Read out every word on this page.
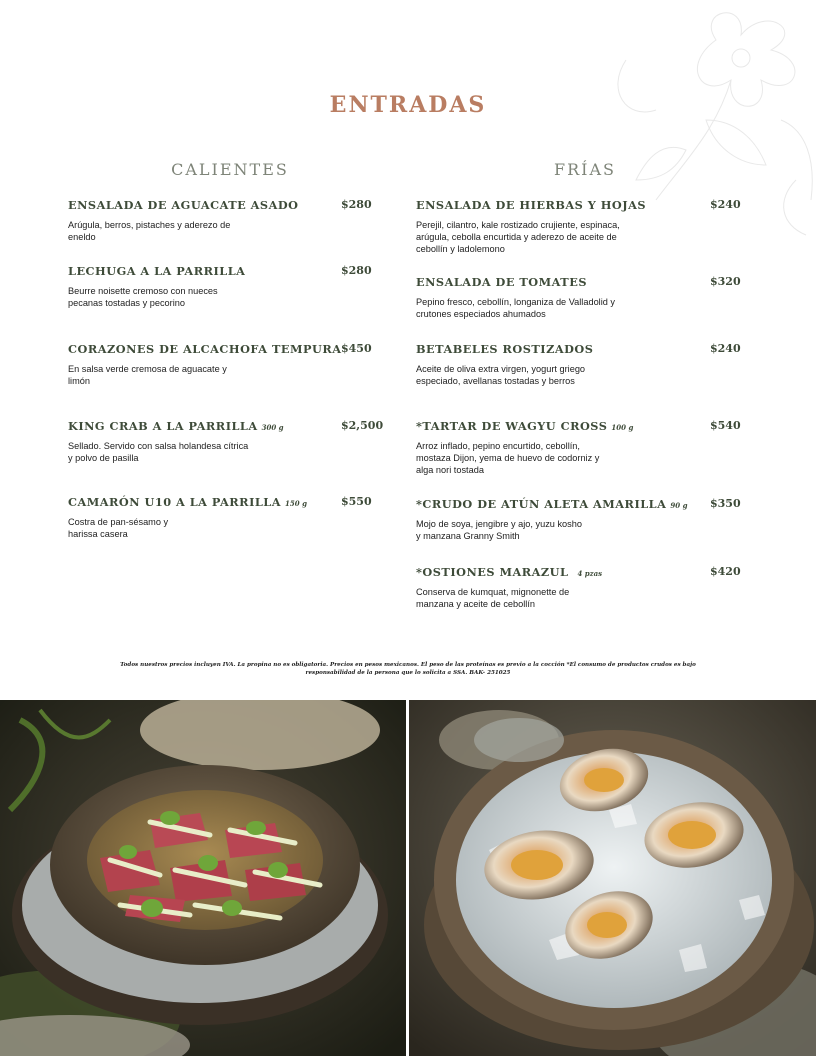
ENTRADAS
CALIENTES	FRÍAS
ENSALADA DE AGUACATE ASADO	$280
Arúgula, berros, pistaches y aderezo de eneldo
LECHUGA A LA PARRILLA	$280
Beurre noisette cremoso con nueces pecanas tostadas y pecorino
CORAZONES DE ALCACHOFA TEMPURA $450
En salsa verde cremosa de aguacate y limón
KING CRAB A LA PARRILLA 300 g	$2,500
Sellado. Servido con salsa holandesa cítrica y polvo de pasilla
CAMARÓN U10 A LA PARRILLA 150 g	$550
Costra de pan-sésamo y harissa casera
ENSALADA DE HIERBAS Y HOJAS	$240
Perejil, cilantro, kale rostizado crujiente, espinaca, arúgula, cebolla encurtida y aderezo de aceite de cebollín y ladolemono
ENSALADA DE TOMATES	$320
Pepino fresco, cebollín, longaniza de Valladolid y crutones especiados ahumados
BETABELES ROSTIZADOS	$240
Aceite de oliva extra virgen, yogurt griego especiado, avellanas tostadas y berros
*TARTAR DE WAGYU CROSS 100 g	$540
Arroz inflado, pepino encurtido, cebollín, mostaza Dijon, yema de huevo de codorniz y alga nori tostada
*CRUDO DE ATÚN ALETA AMARILLA 90 g $350
Mojo de soya, jengibre y ajo, yuzu kosho y manzana Granny Smith
*OSTIONES MARAZUL 4 pzas	$420
Conserva de kumquat, mignonette de manzana y aceite de cebollín
Todos nuestros precios incluyen IVA. La propina no es obligatoria. Precios en pesos mexicanos. El peso de las proteínas es previo a la cocción *El consumo de productos crudos es bajo responsabilidad de la persona que lo solicita a SSA. BAK- 251025
